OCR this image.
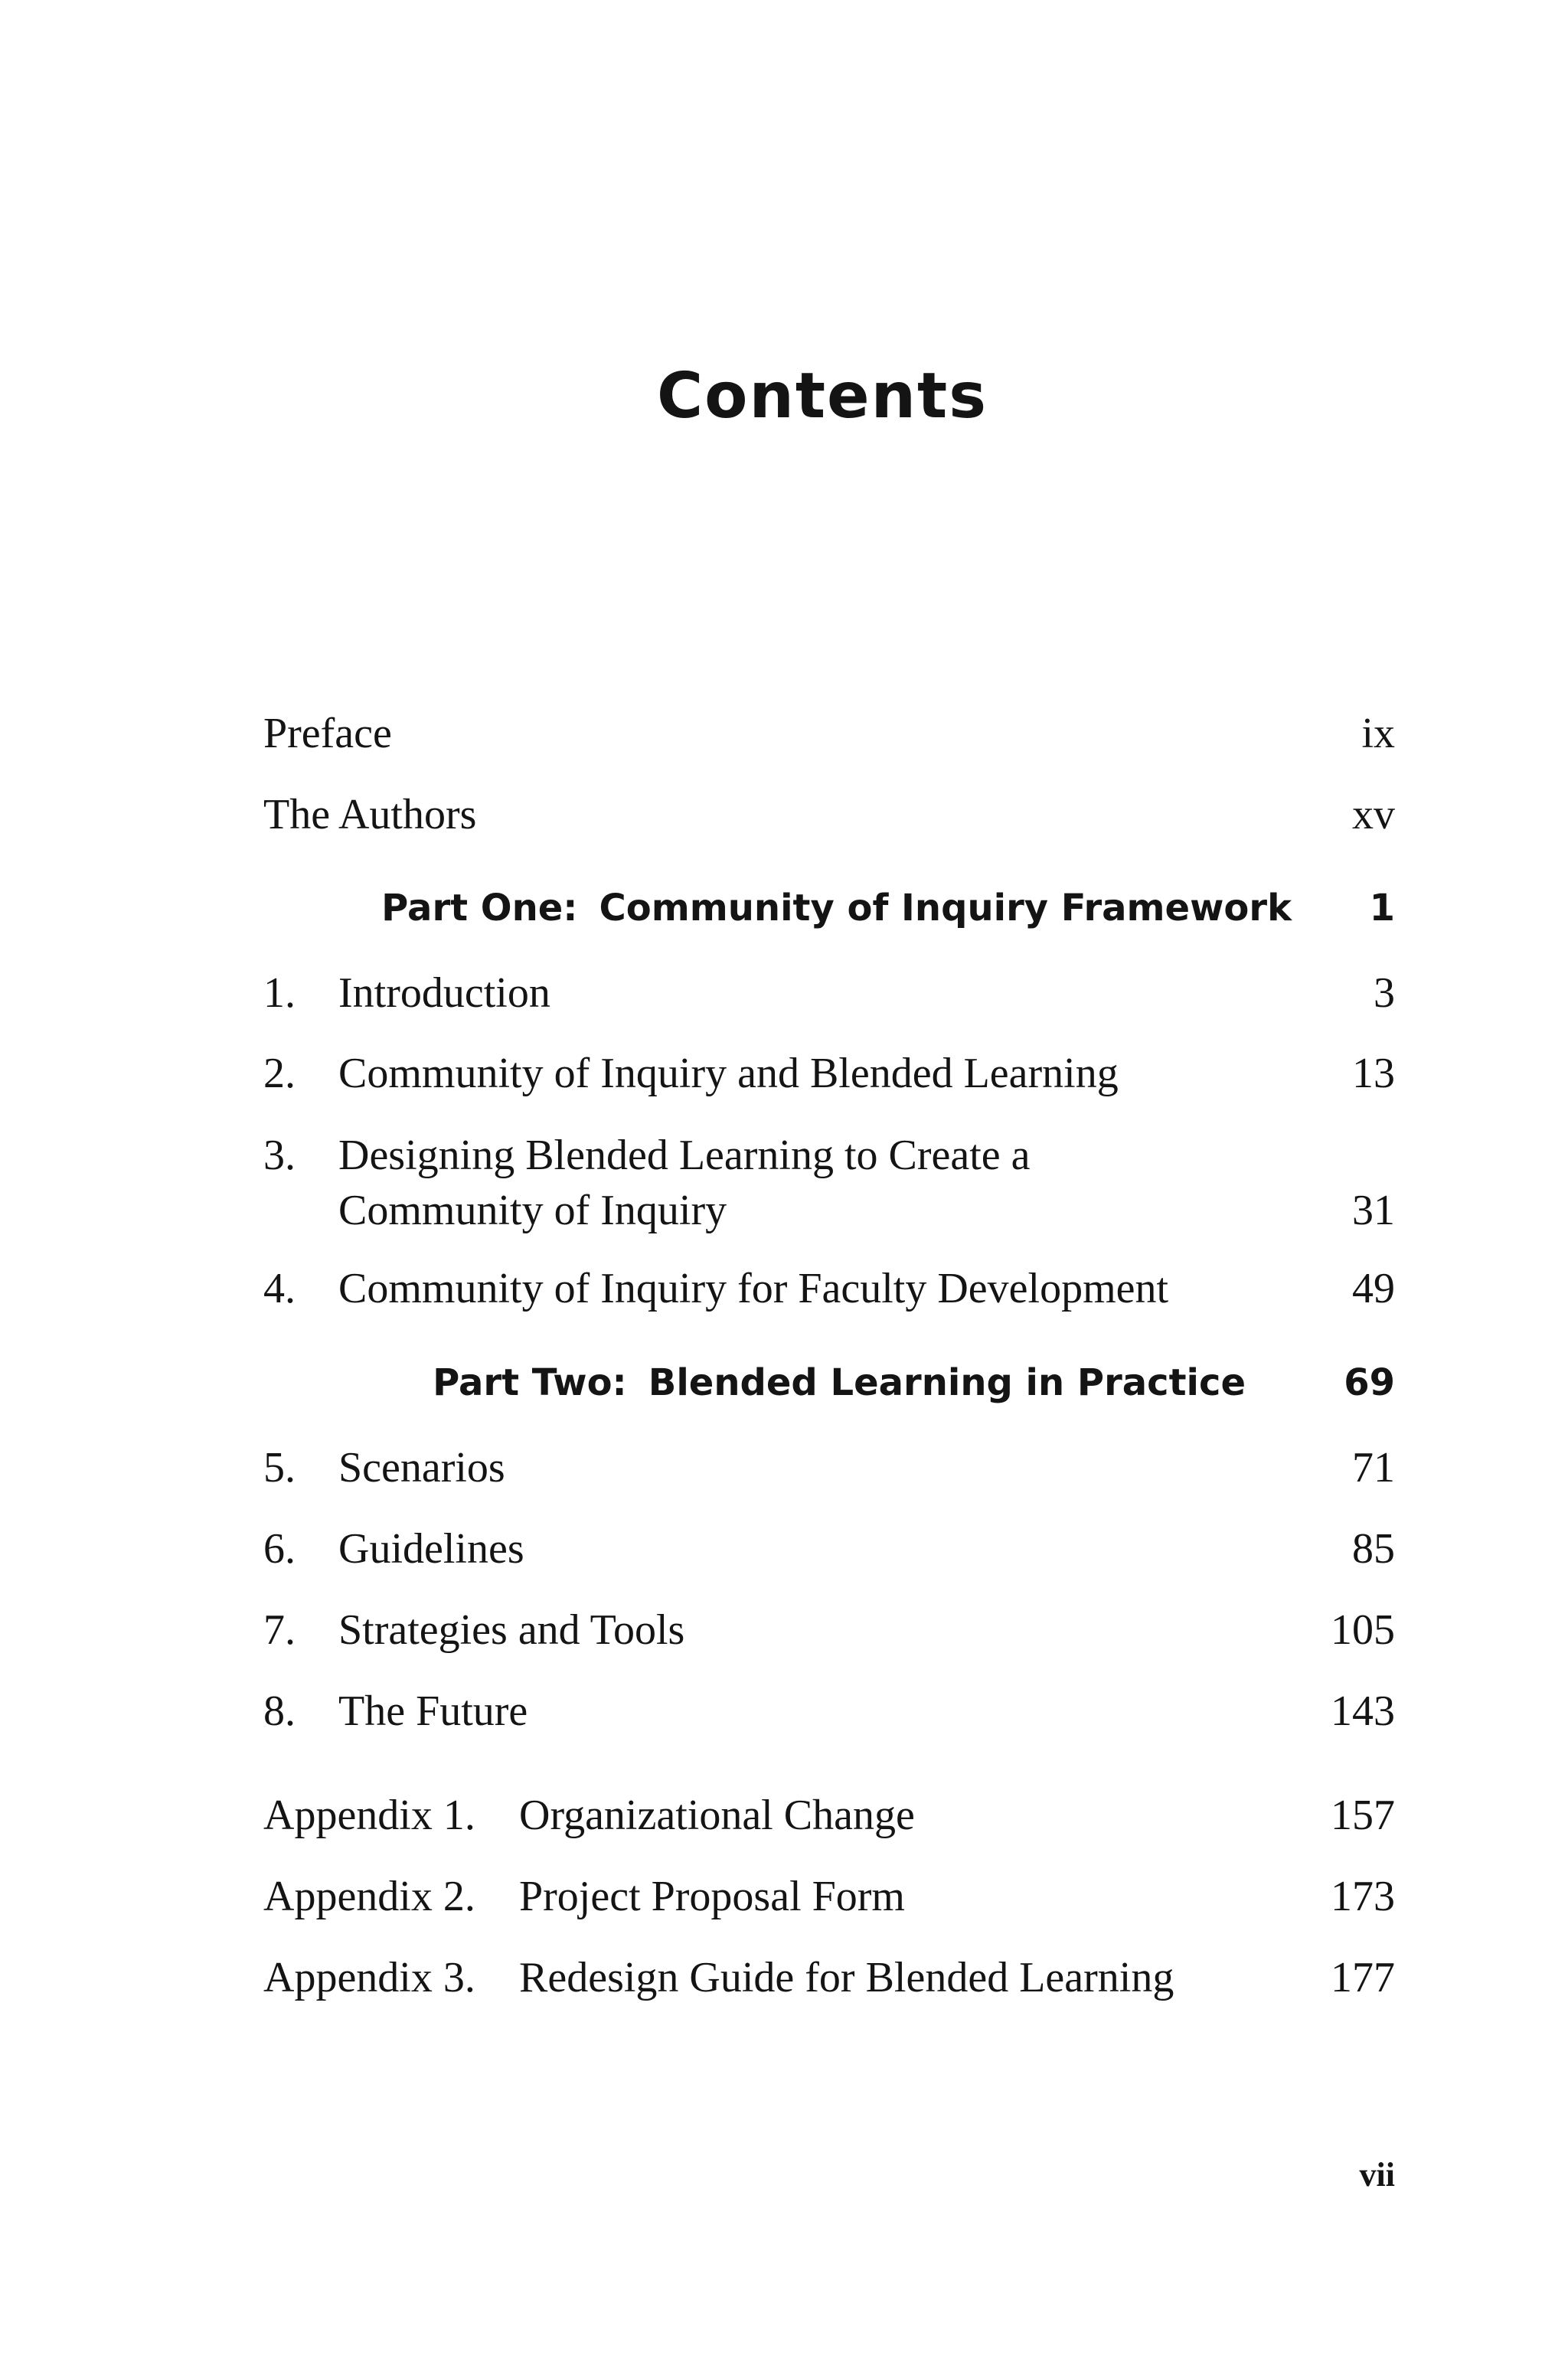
Contents
Preface	ix
The Authors	xv
Part One: Community of Inquiry Framework 1
1. Introduction	3
2. Community of Inquiry and Blended Learning	13
3. Designing Blended Learning to Create a
Community of Inquiry	31
4. Community of Inquiry for Faculty Development	49
Part Two: Blended Learning in Practice	69
5. Scenarios	71
6. Guidelines	85
7. Strategies and Tools	105
8. The Future	143
Appendix 1. Organizational Change	157
Appendix 2. Project Proposal Form	173
Appendix 3. Redesign Guide for Blended Learning	177
vii
